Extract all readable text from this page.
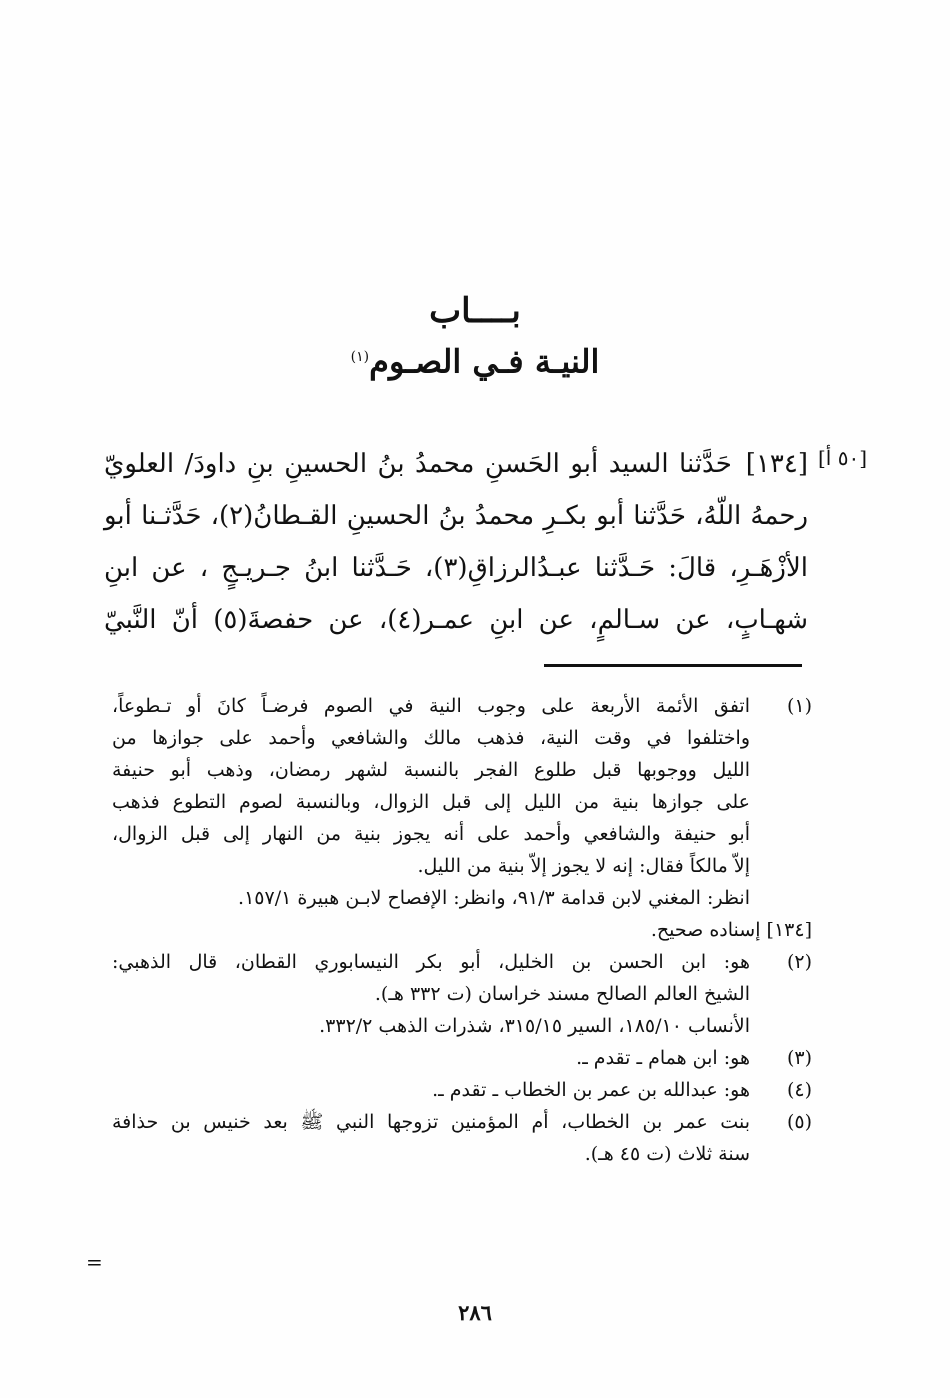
بــــاب
النيـة فـي الصـوم$^{(١)}$
[٥٠ أ]
[١٣٤]حَدَّثنا السيد أبو الحَسنِ محمدُ بنُ الحسينِ بنِ داودَ/ العلويّ
رحمهُ اللّهُ، حَدَّثنا أبو بكـرِ محمدُ بنُ الحسينِ القـطانُ(٢)، حَدَّثـنا أبو
الأزْهَـرِ، قالَ: حَـدَّثنا عبـدُالرزاقِ(٣)، حَـدَّثنا ابنُ جـريـجٍ ، عن ابنِ
شهـابٍ، عن سـالمٍ، عن ابنِ عمـر(٤)، عن حفصةَ(٥) أنّ النَّبيّ
(١)
اتفق الأئمة الأربعة على وجوب النية في الصوم فرضـاً كانَ أو تـطوعاً،
واختلفوا في وقت النية، فذهب مالك والشافعي وأحمد على جوازها من
الليل ووجوبها قبل طلوع الفجر بالنسبة لشهر رمضان، وذهب أبو حنيفة
على جوازها بنية من الليل إلى قبل الزوال، وبالنسبة لصوم التطوع فذهب
أبو حنيفة والشافعي وأحمد على أنه يجوز بنية من النهار إلى قبل الزوال،
إلاّ مالكاً فقال: إنه لا يجوز إلاّ بنية من الليل.
انظر: المغني لابن قدامة ٩١/٣، وانظر: الإفصاح لابـن هبيرة ١٥٧/١.
[١٣٤] إسناده صحيح.
(٢)
هو: ابن الحسن بن الخليل، أبو بكر النيسابوري القطان، قال الذهبي:
الشيخ العالم الصالح مسند خراسان (ت ٣٣٢ هـ).
الأنساب ١٨٥/١٠، السير ٣١٥/١٥، شذرات الذهب ٣٣٢/٢.
(٣)
هو: ابن همام ـ تقدم ـ.
(٤)
هو: عبدالله بن عمر بن الخطاب ـ تقدم ـ.
(٥)
بنت عمر بن الخطاب، أم المؤمنين تزوجها النبي ﷺ بعد خنيس بن حذافة
سنة ثلاث (ت ٤٥ هـ).
=
٢٨٦
